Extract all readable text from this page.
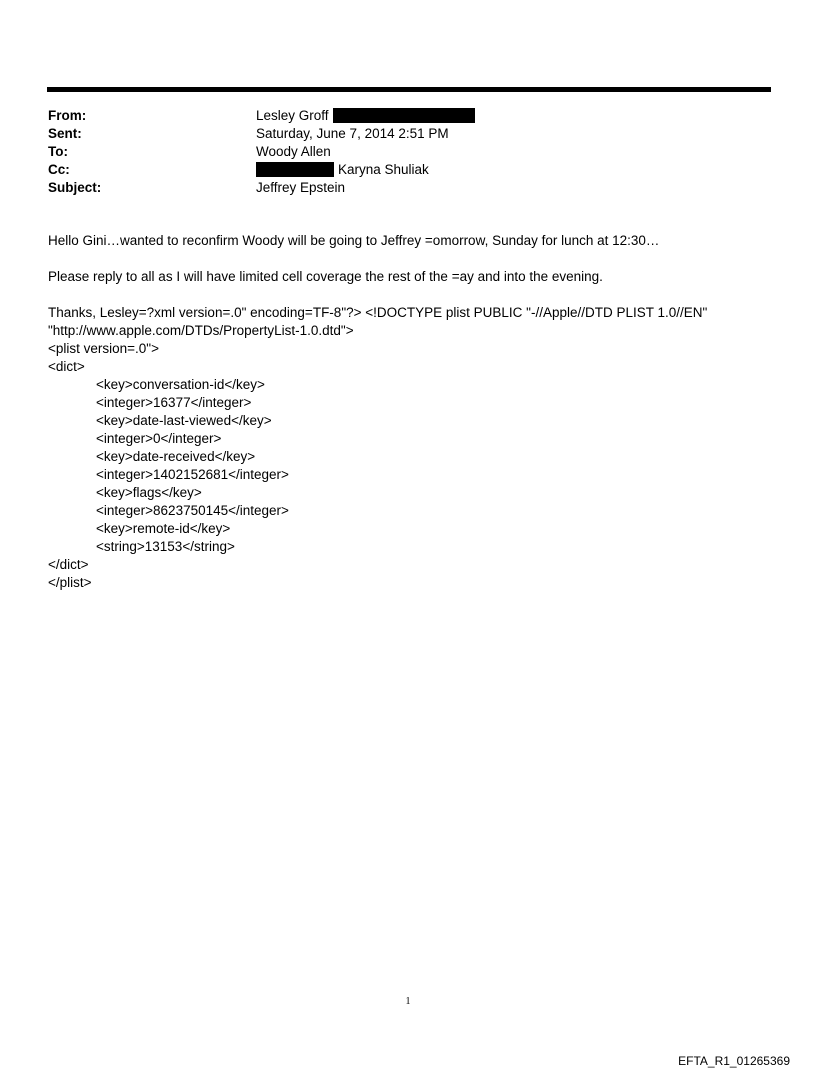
From:	Lesley Groff
Sent:	Saturday, June 7, 2014 2:51 PM
To:	Woody Allen
Cc:	Karyna Shuliak
Subject:	Jeffrey Epstein

Hello Gini…wanted to reconfirm Woody will be going to Jeffrey =omorrow, Sunday for lunch at 12:30…

Please reply to all as I will have limited cell coverage the rest of the =ay and into the evening.

Thanks, Lesley=?xml version=.0" encoding=TF-8"?> <!DOCTYPE plist PUBLIC "-//Apple//DTD PLIST 1.0//EN"
"http://www.apple.com/DTDs/PropertyList-1.0.dtd">
<plist version=.0">
<dict>
<key>conversation-id</key>
<integer>16377</integer>
<key>date-last-viewed</key>
<integer>0</integer>
<key>date-received</key>
<integer>1402152681</integer>
<key>flags</key>
<integer>8623750145</integer>
<key>remote-id</key>
<string>13153</string>
</dict>
</plist>
1
EFTA_R1_01265369
